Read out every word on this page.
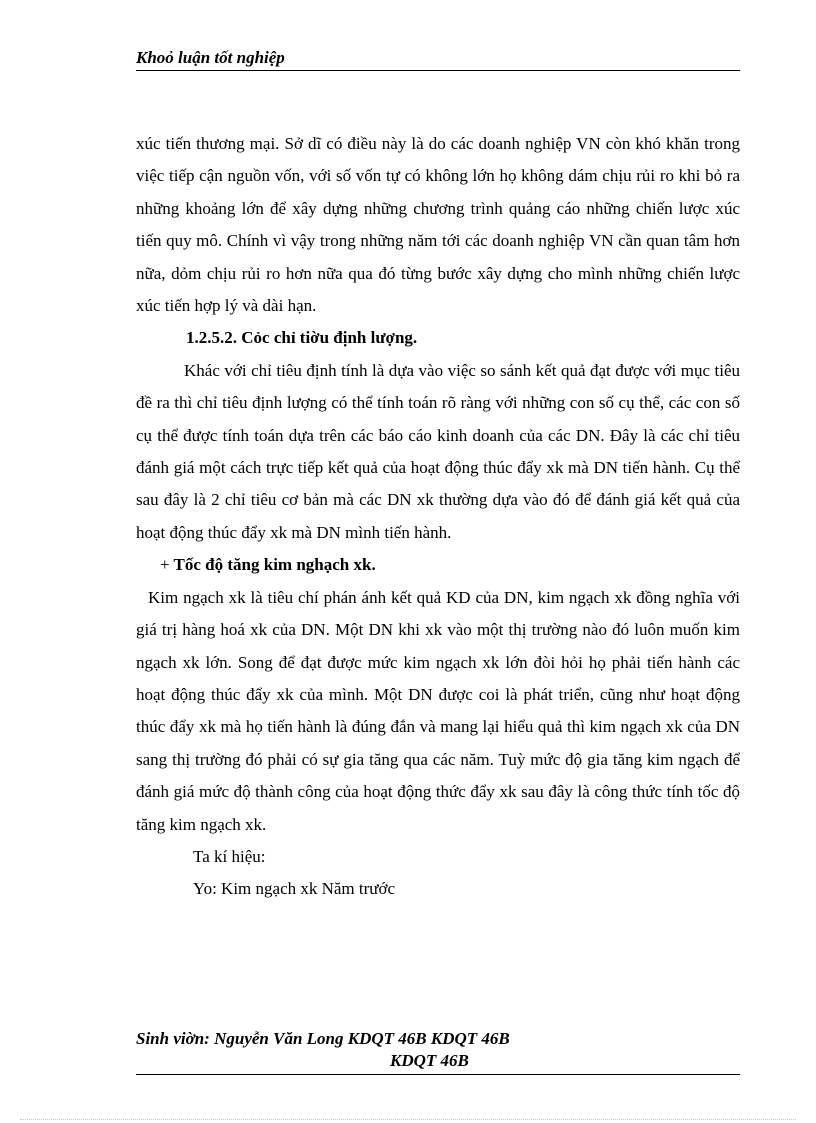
Khoỏ luận tốt nghiệp

xúc tiến thương mại. Sở dĩ có điều này là do các doanh nghiệp VN còn khó khăn trong việc tiếp cận nguồn vốn, với số vốn tự có không lớn họ không dám chịu rủi ro khi bỏ ra những khoảng lớn để xây dựng những chương trình quảng cáo những chiến lược xúc tiến quy mô. Chính vì vậy trong những năm tới các doanh nghiệp VN cần quan tâm hơn nữa, dỏm chịu rủi ro hơn nữa qua đó từng bước xây dựng cho mình những chiến lược xúc tiến hợp lý và dài hạn.

1.2.5.2. Cỏc chỉ tiờu định lượng.

Khác với chỉ tiêu định tính là dựa vào việc so sánh kết quả đạt được với mục tiêu đề ra thì chỉ tiêu định lượng có thể tính toán rõ ràng với những con số cụ thể, các con số cụ thể được tính toán dựa trên các báo cáo kinh doanh của các DN. Đây là các chỉ tiêu đánh giá một cách trực tiếp kết quả của hoạt động thúc đẩy xk mà DN tiến hành. Cụ thể sau đây là 2 chỉ tiêu cơ bản mà các DN xk thường dựa vào đó để đánh giá kết quả của hoạt động thúc đẩy xk mà DN mình tiến hành.

+ Tốc độ tăng kim nghạch xk.

Kim ngạch xk là tiêu chí phán ánh kết quả KD của DN, kim ngạch xk đồng nghĩa với giá trị hàng hoá xk của DN. Một DN khi xk vào một thị trường nào đó luôn muốn kim ngạch xk lớn. Song để đạt được mức kim ngạch xk lớn đòi hỏi họ phải tiến hành các hoạt động thúc đẩy xk của mình. Một DN được coi là phát triển, cũng như hoạt động thúc đẩy xk mà họ tiến hành là đúng đắn và mang lại hiểu quả thì kim ngạch xk của DN sang thị trường đó phải có sự gia tăng qua các năm. Tuỳ mức độ gia tăng kim ngạch để đánh giá mức độ thành công của hoạt động thức đẩy xk sau đây là công thức tính tốc độ tăng kim ngạch xk.

Ta kí hiệu:

Yo: Kim ngạch xk Năm trước

Sinh viờn: Nguyễn Văn Long KDQT 46B KDQT 46B
KDQT 46B
